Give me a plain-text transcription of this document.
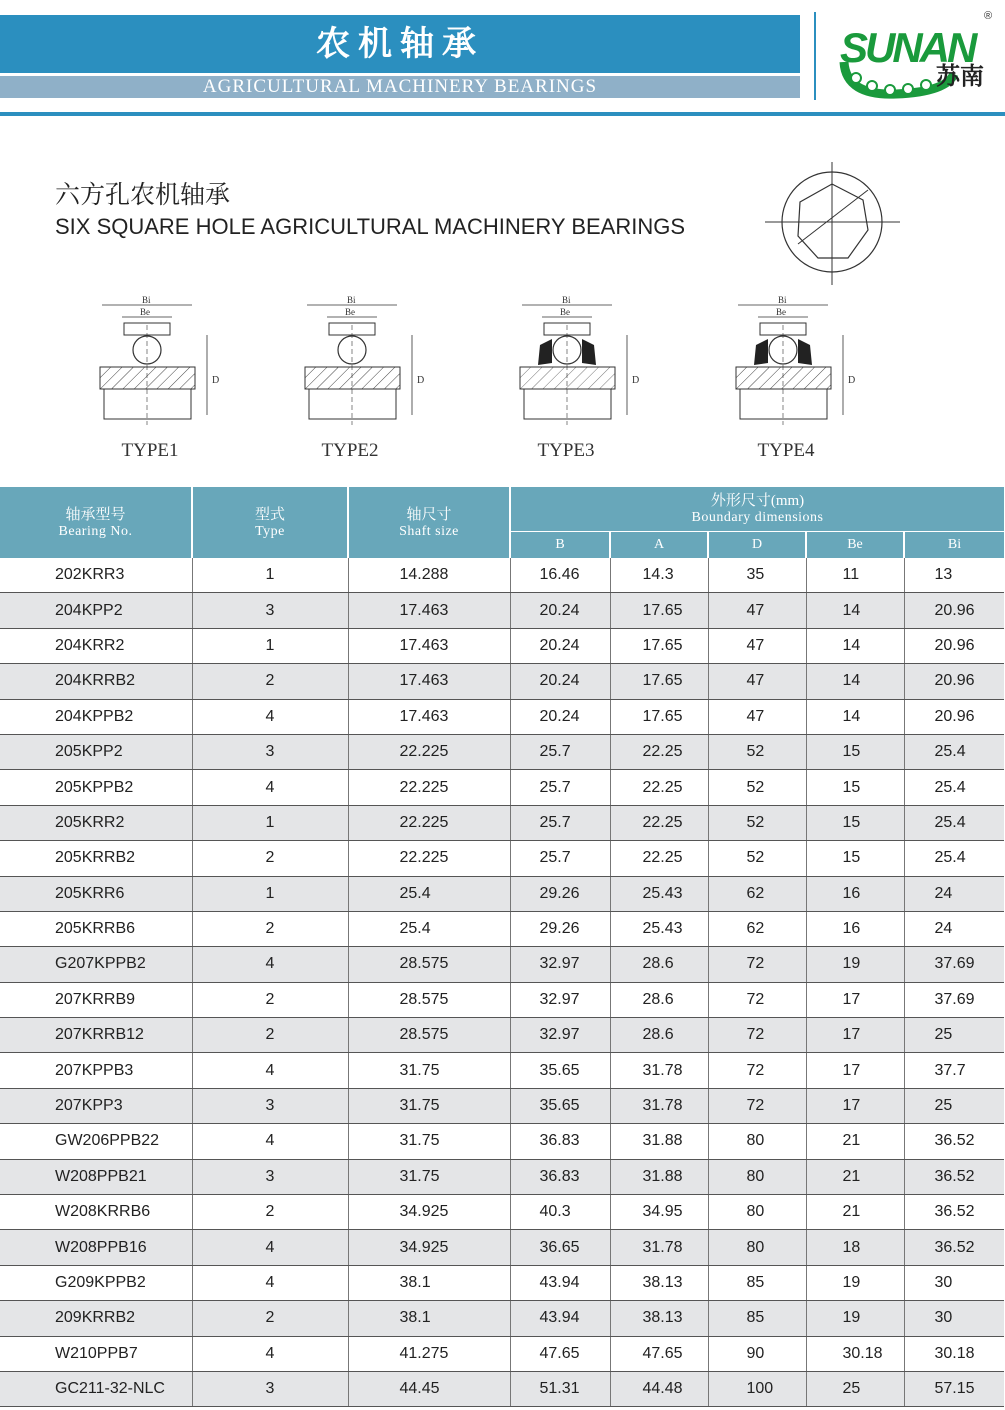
农机轴承
AGRICULTURAL MACHINERY BEARINGS
SUNAN
®
苏南
六方孔农机轴承
SIX SQUARE HOLE AGRICULTURAL MACHINERY BEARINGS
Bi
Be
D
TYPE1
Bi
Be
D
TYPE2
Bi
Be
D
TYPE3
Bi
Be
D
TYPE4
轴承型号
Bearing No.	型式
Type	轴尺寸
Shaft size	外形尺寸(mm)
Boundary dimensions				

			B	A	D	Be	Bi
202KRR3	1	14.288	16.46	14.3	35	11	13
204KPP2	3	17.463	20.24	17.65	47	14	20.96
204KRR2	1	17.463	20.24	17.65	47	14	20.96
204KRRB2	2	17.463	20.24	17.65	47	14	20.96
204KPPB2	4	17.463	20.24	17.65	47	14	20.96
205KPP2	3	22.225	25.7	22.25	52	15	25.4
205KPPB2	4	22.225	25.7	22.25	52	15	25.4
205KRR2	1	22.225	25.7	22.25	52	15	25.4
205KRRB2	2	22.225	25.7	22.25	52	15	25.4
205KRR6	1	25.4	29.26	25.43	62	16	24
205KRRB6	2	25.4	29.26	25.43	62	16	24
G207KPPB2	4	28.575	32.97	28.6	72	19	37.69
207KRRB9	2	28.575	32.97	28.6	72	17	37.69
207KRRB12	2	28.575	32.97	28.6	72	17	25
207KPPB3	4	31.75	35.65	31.78	72	17	37.7
207KPP3	3	31.75	35.65	31.78	72	17	25
GW206PPB22	4	31.75	36.83	31.88	80	21	36.52
W208PPB21	3	31.75	36.83	31.88	80	21	36.52
W208KRRB6	2	34.925	40.3	34.95	80	21	36.52
W208PPB16	4	34.925	36.65	31.78	80	18	36.52
G209KPPB2	4	38.1	43.94	38.13	85	19	30
209KRRB2	2	38.1	43.94	38.13	85	19	30
W210PPB7	4	41.275	47.65	47.65	90	30.18	30.18
GC211-32-NLC	3	44.45	51.31	44.48	100	25	57.15
